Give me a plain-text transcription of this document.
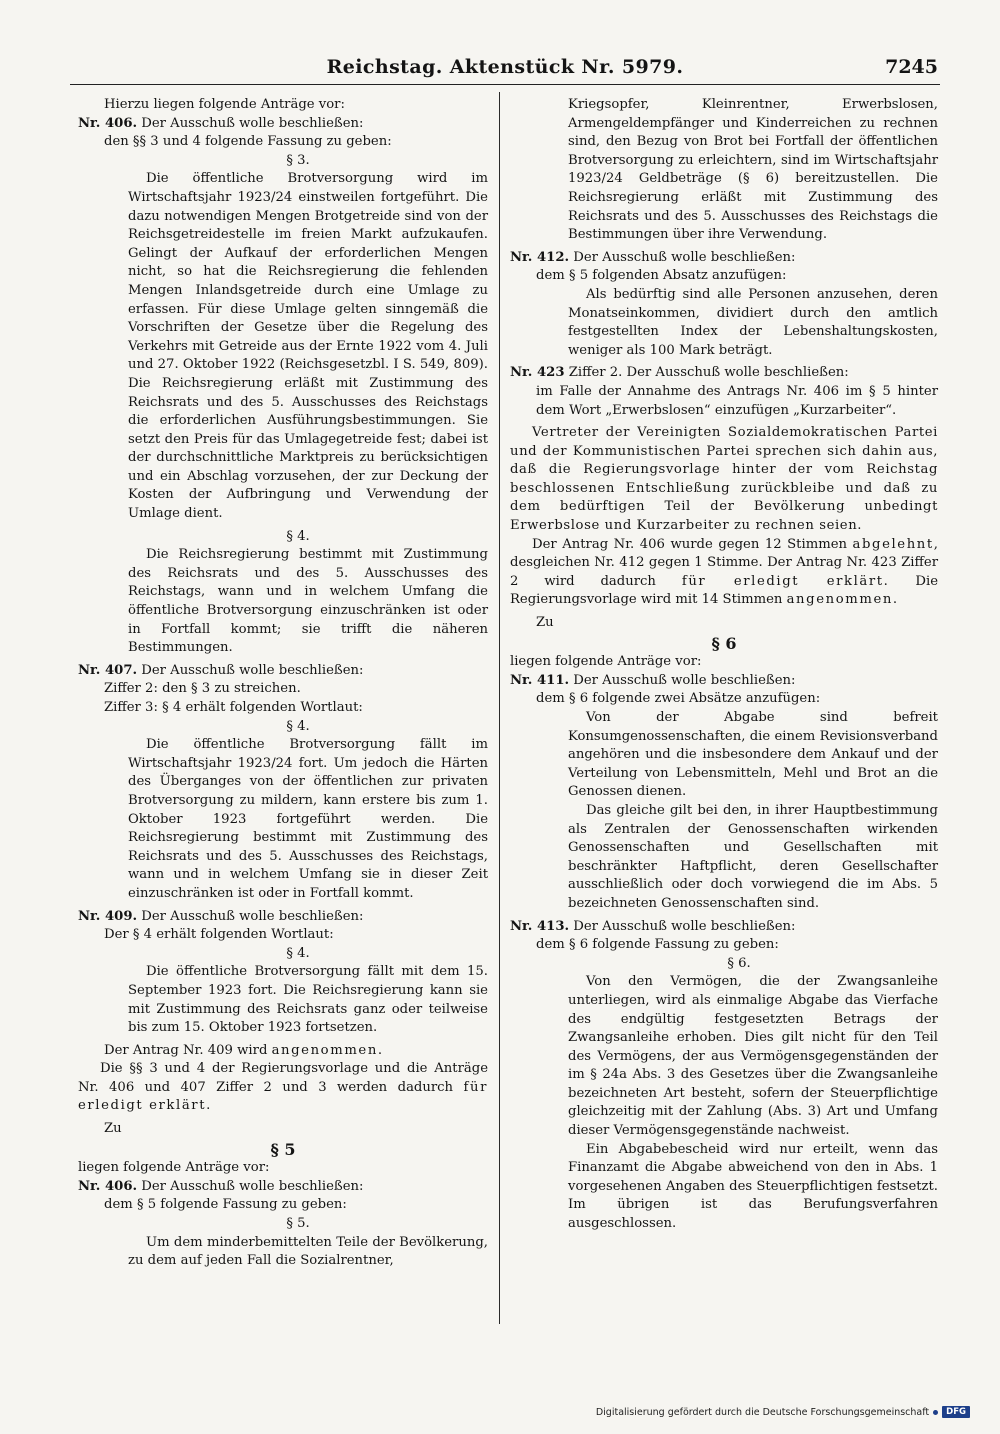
Reichstag. Aktenstück Nr. 5979.	7245

Hierzu liegen folgende Anträge vor:

Nr. 406. Der Ausschuß wolle beschließen:

den §§ 3 und 4 folgende Fassung zu geben:

§ 3.

Die öffentliche Brotversorgung wird im Wirtschaftsjahr 1923/24 einstweilen fortgeführt. Die dazu notwendigen Mengen Brotgetreide sind von der Reichsgetreidestelle im freien Markt aufzukaufen. Gelingt der Aufkauf der erforderlichen Mengen nicht, so hat die Reichsregierung die fehlenden Mengen Inlandsgetreide durch eine Umlage zu erfassen. Für diese Umlage gelten sinngemäß die Vorschriften der Gesetze über die Regelung des Verkehrs mit Getreide aus der Ernte 1922 vom 4. Juli und 27. Oktober 1922 (Reichsgesetzbl. I S. 549, 809). Die Reichsregierung erläßt mit Zustimmung des Reichsrats und des 5. Ausschusses des Reichstags die erforderlichen Ausführungsbestimmungen. Sie setzt den Preis für das Umlagegetreide fest; dabei ist der durchschnittliche Marktpreis zu berücksichtigen und ein Abschlag vorzusehen, der zur Deckung der Kosten der Aufbringung und Verwendung der Umlage dient.

§ 4.

Die Reichsregierung bestimmt mit Zustimmung des Reichsrats und des 5. Ausschusses des Reichstags, wann und in welchem Umfang die öffentliche Brotversorgung einzuschränken ist oder in Fortfall kommt; sie trifft die näheren Bestimmungen.

Nr. 407. Der Ausschuß wolle beschließen:

Ziffer 2: den § 3 zu streichen.

Ziffer 3: § 4 erhält folgenden Wortlaut:

§ 4.

Die öffentliche Brotversorgung fällt im Wirtschaftsjahr 1923/24 fort. Um jedoch die Härten des Überganges von der öffentlichen zur privaten Brotversorgung zu mildern, kann erstere bis zum 1. Oktober 1923 fortgeführt werden. Die Reichsregierung bestimmt mit Zustimmung des Reichsrats und des 5. Ausschusses des Reichstags, wann und in welchem Umfang sie in dieser Zeit einzuschränken ist oder in Fortfall kommt.

Nr. 409. Der Ausschuß wolle beschließen:

Der § 4 erhält folgenden Wortlaut:

§ 4.

Die öffentliche Brotversorgung fällt mit dem 15. September 1923 fort. Die Reichsregierung kann sie mit Zustimmung des Reichsrats ganz oder teilweise bis zum 15. Oktober 1923 fortsetzen.

Der Antrag Nr. 409 wird angenommen.

Die §§ 3 und 4 der Regierungsvorlage und die Anträge Nr. 406 und 407 Ziffer 2 und 3 werden dadurch für erledigt erklärt.

Zu

§ 5

liegen folgende Anträge vor:

Nr. 406. Der Ausschuß wolle beschließen:

dem § 5 folgende Fassung zu geben:

§ 5.

Um dem minderbemittelten Teile der Bevölkerung, zu dem auf jeden Fall die Sozialrentner,

Kriegsopfer, Kleinrentner, Erwerbslosen, Armengeldempfänger und Kinderreichen zu rechnen sind, den Bezug von Brot bei Fortfall der öffentlichen Brotversorgung zu erleichtern, sind im Wirtschaftsjahr 1923/24 Geldbeträge (§ 6) bereitzustellen. Die Reichsregierung erläßt mit Zustimmung des Reichsrats und des 5. Ausschusses des Reichstags die Bestimmungen über ihre Verwendung.

Nr. 412. Der Ausschuß wolle beschließen:

dem § 5 folgenden Absatz anzufügen:

Als bedürftig sind alle Personen anzusehen, deren Monatseinkommen, dividiert durch den amtlich festgestellten Index der Lebenshaltungskosten, weniger als 100 Mark beträgt.

Nr. 423 Ziffer 2. Der Ausschuß wolle beschließen:

im Falle der Annahme des Antrags Nr. 406 im § 5 hinter dem Wort „Erwerbslosen“ einzufügen „Kurzarbeiter“.

Vertreter der Vereinigten Sozialdemokratischen Partei und der Kommunistischen Partei sprechen sich dahin aus, daß die Regierungsvorlage hinter der vom Reichstag beschlossenen Entschließung zurückbleibe und daß zu dem bedürftigen Teil der Bevölkerung unbedingt Erwerbslose und Kurzarbeiter zu rechnen seien.

Der Antrag Nr. 406 wurde gegen 12 Stimmen abgelehnt, desgleichen Nr. 412 gegen 1 Stimme. Der Antrag Nr. 423 Ziffer 2 wird dadurch für erledigt erklärt. Die Regierungsvorlage wird mit 14 Stimmen angenommen.

Zu

§ 6

liegen folgende Anträge vor:

Nr. 411. Der Ausschuß wolle beschließen:

dem § 6 folgende zwei Absätze anzufügen:

Von der Abgabe sind befreit Konsumgenossenschaften, die einem Revisionsverband angehören und die insbesondere dem Ankauf und der Verteilung von Lebensmitteln, Mehl und Brot an die Genossen dienen.

Das gleiche gilt bei den, in ihrer Hauptbestimmung als Zentralen der Genossenschaften wirkenden Genossenschaften und Gesellschaften mit beschränkter Haftpflicht, deren Gesellschafter ausschließlich oder doch vorwiegend die im Abs. 5 bezeichneten Genossenschaften sind.

Nr. 413. Der Ausschuß wolle beschließen:

dem § 6 folgende Fassung zu geben:

§ 6.

Von den Vermögen, die der Zwangsanleihe unterliegen, wird als einmalige Abgabe das Vierfache des endgültig festgesetzten Betrags der Zwangsanleihe erhoben. Dies gilt nicht für den Teil des Vermögens, der aus Vermögensgegenständen der im § 24a Abs. 3 des Gesetzes über die Zwangsanleihe bezeichneten Art besteht, sofern der Steuerpflichtige gleichzeitig mit der Zahlung (Abs. 3) Art und Umfang dieser Vermögensgegenstände nachweist.

Ein Abgabebescheid wird nur erteilt, wenn das Finanzamt die Abgabe abweichend von den in Abs. 1 vorgesehenen Angaben des Steuerpflichtigen festsetzt. Im übrigen ist das Berufungsverfahren ausgeschlossen.

Digitalisierung gefördert durch die Deutsche Forschungsgemeinschaft	DFG
